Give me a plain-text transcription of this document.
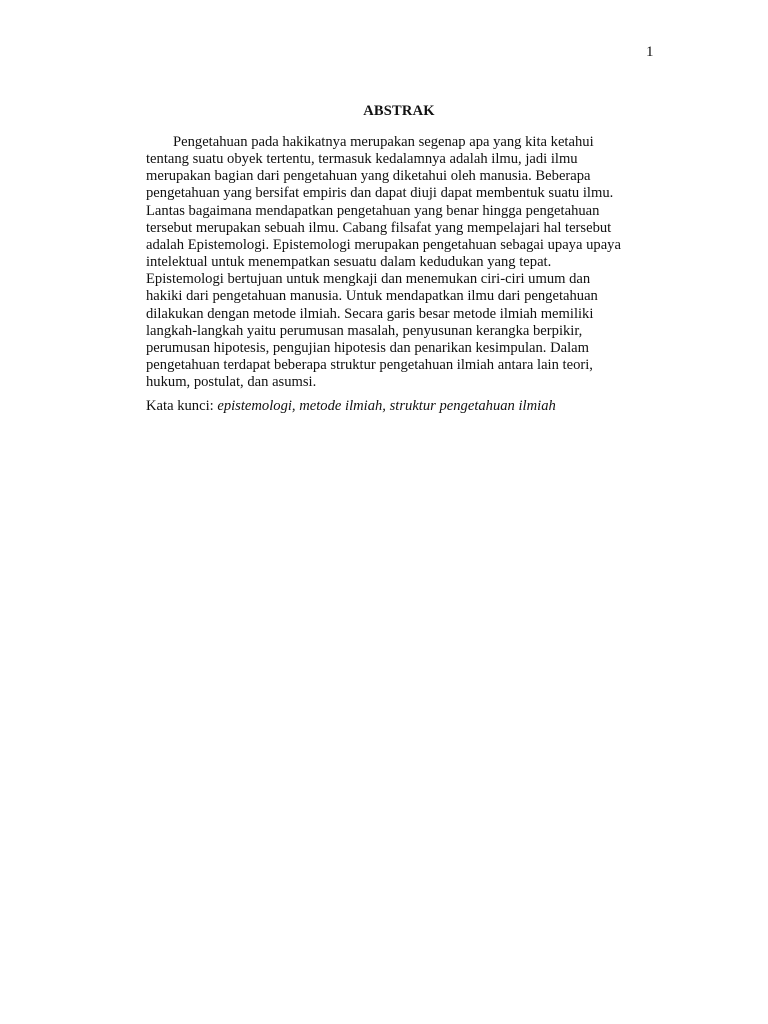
1
ABSTRAK
Pengetahuan pada hakikatnya merupakan segenap apa yang kita ketahui
tentang suatu obyek tertentu, termasuk kedalamnya adalah ilmu, jadi ilmu
merupakan bagian dari pengetahuan yang diketahui oleh manusia. Beberapa
pengetahuan yang bersifat empiris dan dapat diuji dapat membentuk suatu ilmu.
Lantas bagaimana mendapatkan pengetahuan yang benar hingga pengetahuan
tersebut merupakan sebuah ilmu. Cabang filsafat yang mempelajari hal tersebut
adalah Epistemologi. Epistemologi merupakan pengetahuan sebagai upaya upaya
intelektual untuk menempatkan sesuatu dalam kedudukan yang tepat.
Epistemologi bertujuan untuk mengkaji dan menemukan ciri-ciri umum dan
hakiki dari pengetahuan manusia. Untuk mendapatkan ilmu dari pengetahuan
dilakukan dengan metode ilmiah. Secara garis besar metode ilmiah memiliki
langkah-langkah yaitu perumusan masalah, penyusunan kerangka berpikir,
perumusan hipotesis, pengujian hipotesis dan penarikan kesimpulan. Dalam
pengetahuan terdapat beberapa struktur pengetahuan ilmiah antara lain teori,
hukum, postulat, dan asumsi.
Kata kunci: epistemologi, metode ilmiah, struktur pengetahuan ilmiah
